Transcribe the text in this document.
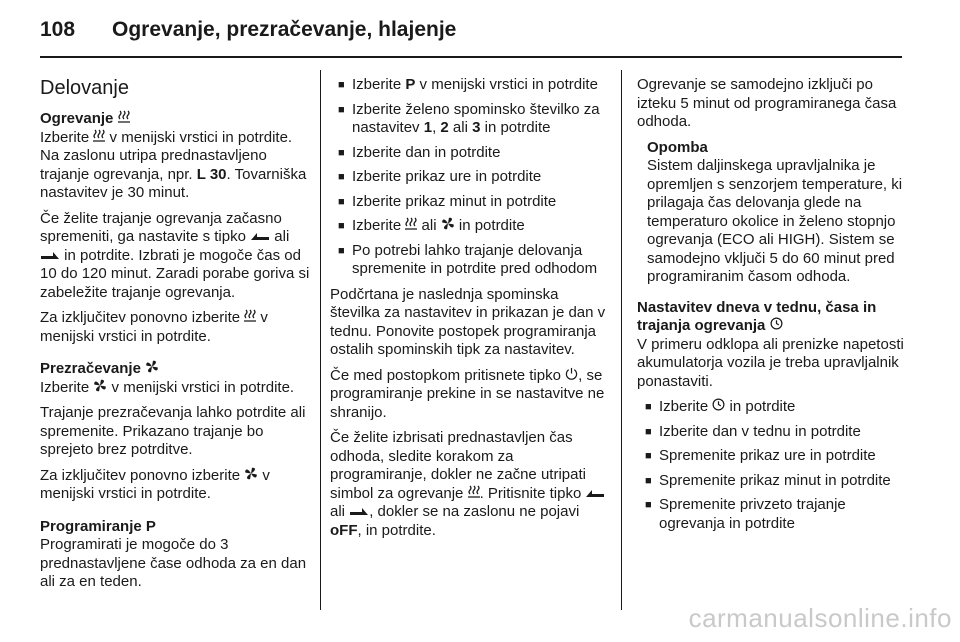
108 Ogrevanje, prezračevanje, hlajenje
Delovanje
Ogrevanje

Izberite  v menijski vrstici in potrdite. Na zaslonu utripa prednastavljeno trajanje ogrevanja, npr. L 30. Tovarniška nastavitev je 30 minut.

Če želite trajanje ogrevanja začasno spremeniti, ga nastavite s tipko  ali  in potrdite. Izbrati je mogoče čas od 10 do 120 minut. Zaradi porabe goriva si zabeležite trajanje ogrevanja.

Za izključitev ponovno izberite  v menijski vrstici in potrdite.

Prezračevanje

Izberite  v menijski vrstici in potrdite.

Trajanje prezračevanja lahko potrdite ali spremenite. Prikazano trajanje bo sprejeto brez potrditve.

Za izključitev ponovno izberite  v menijski vrstici in potrdite.

Programiranje P

Programirati je mogoče do 3 prednastavljene čase odhoda za en dan ali za en teden.

■ Izberite P v menijski vrstici in potrdite
■ Izberite želeno spominsko številko za nastavitev 1, 2 ali 3 in potrdite
■ Izberite dan in potrdite
■ Izberite prikaz ure in potrdite
■ Izberite prikaz minut in potrdite
■ Izberite  ali  in potrdite
■ Po potrebi lahko trajanje delovanja spremenite in potrdite pred odhodom

Podčrtana je naslednja spominska številka za nastavitev in prikazan je dan v tednu. Ponovite postopek programiranja ostalih spominskih tipk za nastavitev.

Če med postopkom pritisnete tipko , se programiranje prekine in se nastavitve ne shranijo.

Če želite izbrisati prednastavljen čas odhoda, sledite korakom za programiranje, dokler ne začne utripati simbol za ogrevanje . Pritisnite tipko  ali , dokler se na zaslonu ne pojavi oFF, in potrdite.

Ogrevanje se samodejno izključi po izteku 5 minut od programiranega časa odhoda.

Opomba
Sistem daljinskega upravljalnika je opremljen s senzorjem temperature, ki prilagaja čas delovanja glede na temperaturo okolice in želeno stopnjo ogrevanja (ECO ali HIGH). Sistem se samodejno vključi 5 do 60 minut pred programiranim časom odhoda.
Nastavitev dneva v tednu, časa in trajanja ogrevanja

V primeru odklopa ali prenizke napetosti akumulatorja vozila je treba upravljalnik ponastaviti.

■ Izberite  in potrdite
■ Izberite dan v tednu in potrdite
■ Spremenite prikaz ure in potrdite
■ Spremenite prikaz minut in potrdite
■ Spremenite privzeto trajanje ogrevanja in potrdite
carmanualsonline.info
